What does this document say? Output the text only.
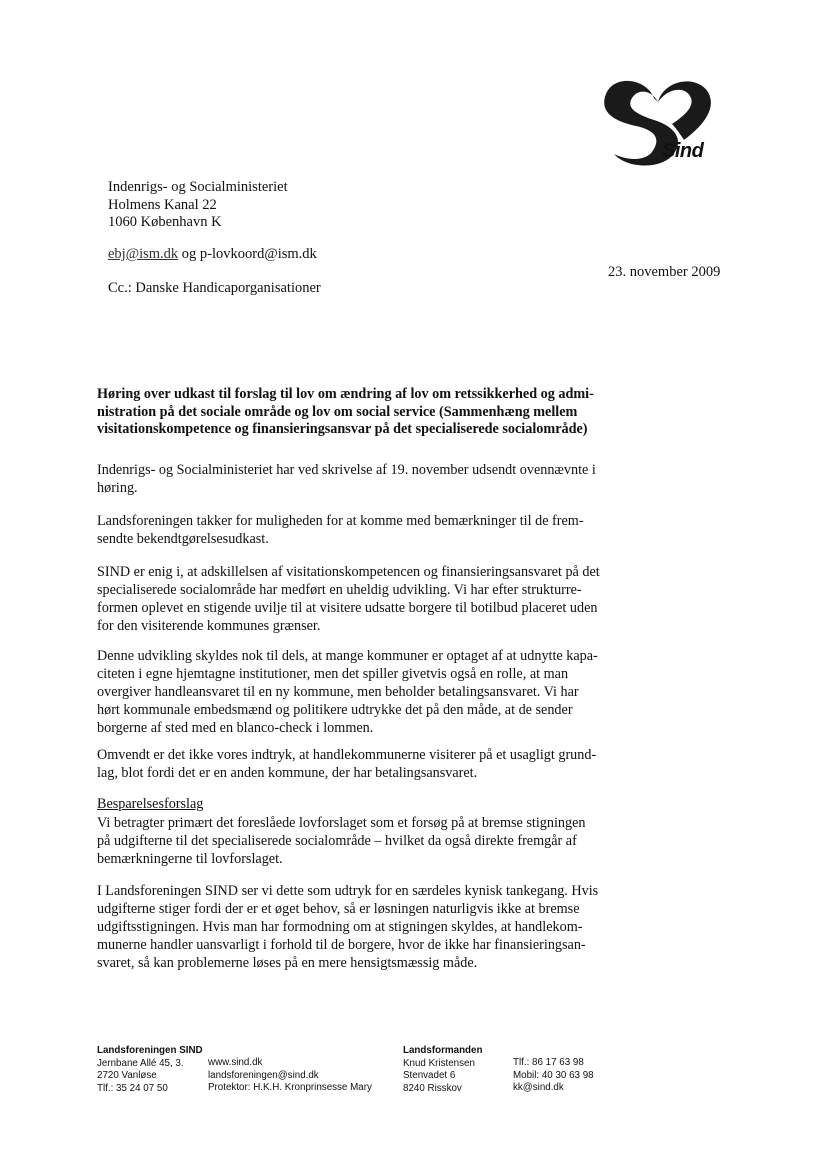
Sind
Indenrigs- og Socialministeriet
Holmens Kanal 22
1060 København K
ebj@ism.dk og p-lovkoord@ism.dk
Cc.: Danske Handicaporganisationer
23. november 2009
Høring over udkast til forslag til lov om ændring af lov om retssikkerhed og admi-
nistration på det sociale område og lov om social service (Sammenhæng mellem
visitationskompetence og finansieringsansvar på det specialiserede socialområde)
Indenrigs- og Socialministeriet har ved skrivelse af 19. november udsendt ovennævnte i
høring.
Landsforeningen takker for muligheden for at komme med bemærkninger til de frem-
sendte bekendtgørelsesudkast.
SIND er enig i, at adskillelsen af visitationskompetencen og finansieringsansvaret på det
specialiserede socialområde har medført en uheldig udvikling. Vi har efter strukturre-
formen oplevet en stigende uvilje til at visitere udsatte borgere til botilbud placeret uden
for den visiterende kommunes grænser.
Denne udvikling skyldes nok til dels, at mange kommuner er optaget af at udnytte kapa-
citeten i egne hjemtagne institutioner, men det spiller givetvis også en rolle, at man
overgiver handleansvaret til en ny kommune, men beholder betalingsansvaret. Vi har
hørt kommunale embedsmænd og politikere udtrykke det på den måde, at de sender
borgerne af sted med en blanco-check i lommen.
Omvendt er det ikke vores indtryk, at handlekommunerne visiterer på et usagligt grund-
lag, blot fordi det er en anden kommune, der har betalingsansvaret.
Besparelsesforslag
Vi betragter primært det foreslåede lovforslaget som et forsøg på at bremse stigningen
på udgifterne til det specialiserede socialområde – hvilket da også direkte fremgår af
bemærkningerne til lovforslaget.
I Landsforeningen SIND ser vi dette som udtryk for en særdeles kynisk tankegang. Hvis
udgifterne stiger fordi der er et øget behov, så er løsningen naturligvis ikke at bremse
udgiftsstigningen. Hvis man har formodning om at stigningen skyldes, at handlekom-
munerne handler uansvarligt i forhold til de borgere, hvor de ikke har finansieringsan-
svaret, så kan problemerne løses på en mere hensigtsmæssig måde.
Landsforeningen SIND
Jernbane Allé 45, 3.
2720 Vanløse
Tlf.: 35 24 07 50
www.sind.dk
landsforeningen@sind.dk
Protektor: H.K.H. Kronprinsesse Mary
Landsformanden
Knud Kristensen
Stenvadet 6
8240 Risskov
Tlf.: 86 17 63 98
Mobil: 40 30 63 98
kk@sind.dk
